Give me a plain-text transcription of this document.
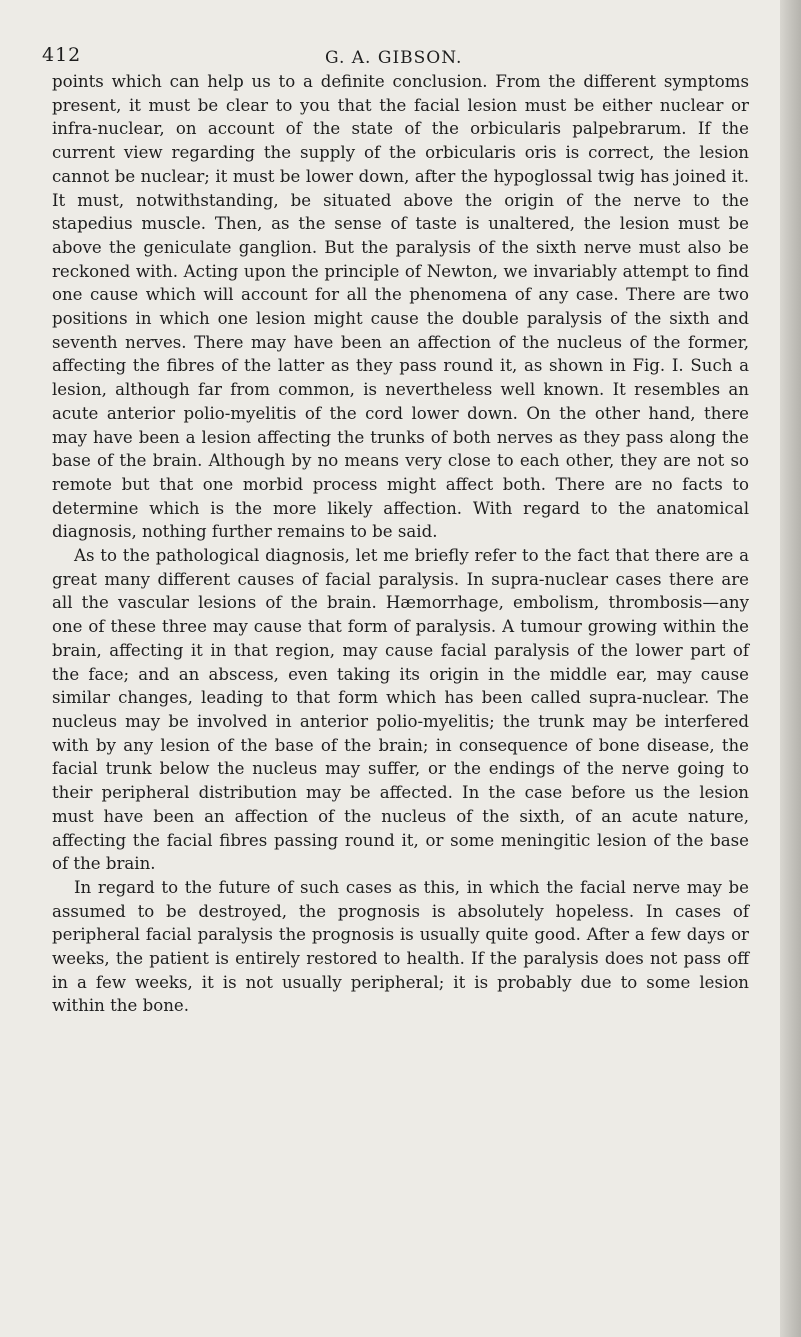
412	G. A. GIBSON.

points which can help us to a definite conclusion. From the different symptoms present, it must be clear to you that the facial lesion must be either nuclear or infra-nuclear, on account of the state of the orbicularis palpebrarum. If the current view regarding the supply of the orbicularis oris is correct, the lesion cannot be nuclear; it must be lower down, after the hypoglossal twig has joined it. It must, notwithstanding, be situated above the origin of the nerve to the stapedius muscle. Then, as the sense of taste is unaltered, the lesion must be above the geniculate ganglion. But the paralysis of the sixth nerve must also be reckoned with. Acting upon the principle of Newton, we invariably attempt to find one cause which will account for all the phenomena of any case. There are two positions in which one lesion might cause the double paralysis of the sixth and seventh nerves. There may have been an affection of the nucleus of the former, affecting the fibres of the latter as they pass round it, as shown in Fig. I. Such a lesion, although far from common, is nevertheless well known. It resembles an acute anterior polio-myelitis of the cord lower down. On the other hand, there may have been a lesion affecting the trunks of both nerves as they pass along the base of the brain. Although by no means very close to each other, they are not so remote but that one morbid process might affect both. There are no facts to determine which is the more likely affection. With regard to the anatomical diagnosis, nothing further remains to be said.

As to the pathological diagnosis, let me briefly refer to the fact that there are a great many different causes of facial paralysis. In supra-nuclear cases there are all the vascular lesions of the brain. Hæmorrhage, embolism, thrombosis—any one of these three may cause that form of paralysis. A tumour growing within the brain, affecting it in that region, may cause facial paralysis of the lower part of the face; and an abscess, even taking its origin in the middle ear, may cause similar changes, leading to that form which has been called supra-nuclear. The nucleus may be involved in anterior polio-myelitis; the trunk may be interfered with by any lesion of the base of the brain; in consequence of bone disease, the facial trunk below the nucleus may suffer, or the endings of the nerve going to their peripheral distribution may be affected. In the case before us the lesion must have been an affection of the nucleus of the sixth, of an acute nature, affecting the facial fibres passing round it, or some meningitic lesion of the base of the brain.

In regard to the future of such cases as this, in which the facial nerve may be assumed to be destroyed, the prognosis is absolutely hopeless. In cases of peripheral facial paralysis the prognosis is usually quite good. After a few days or weeks, the patient is entirely restored to health. If the paralysis does not pass off in a few weeks, it is not usually peripheral; it is probably due to some lesion within the bone.
